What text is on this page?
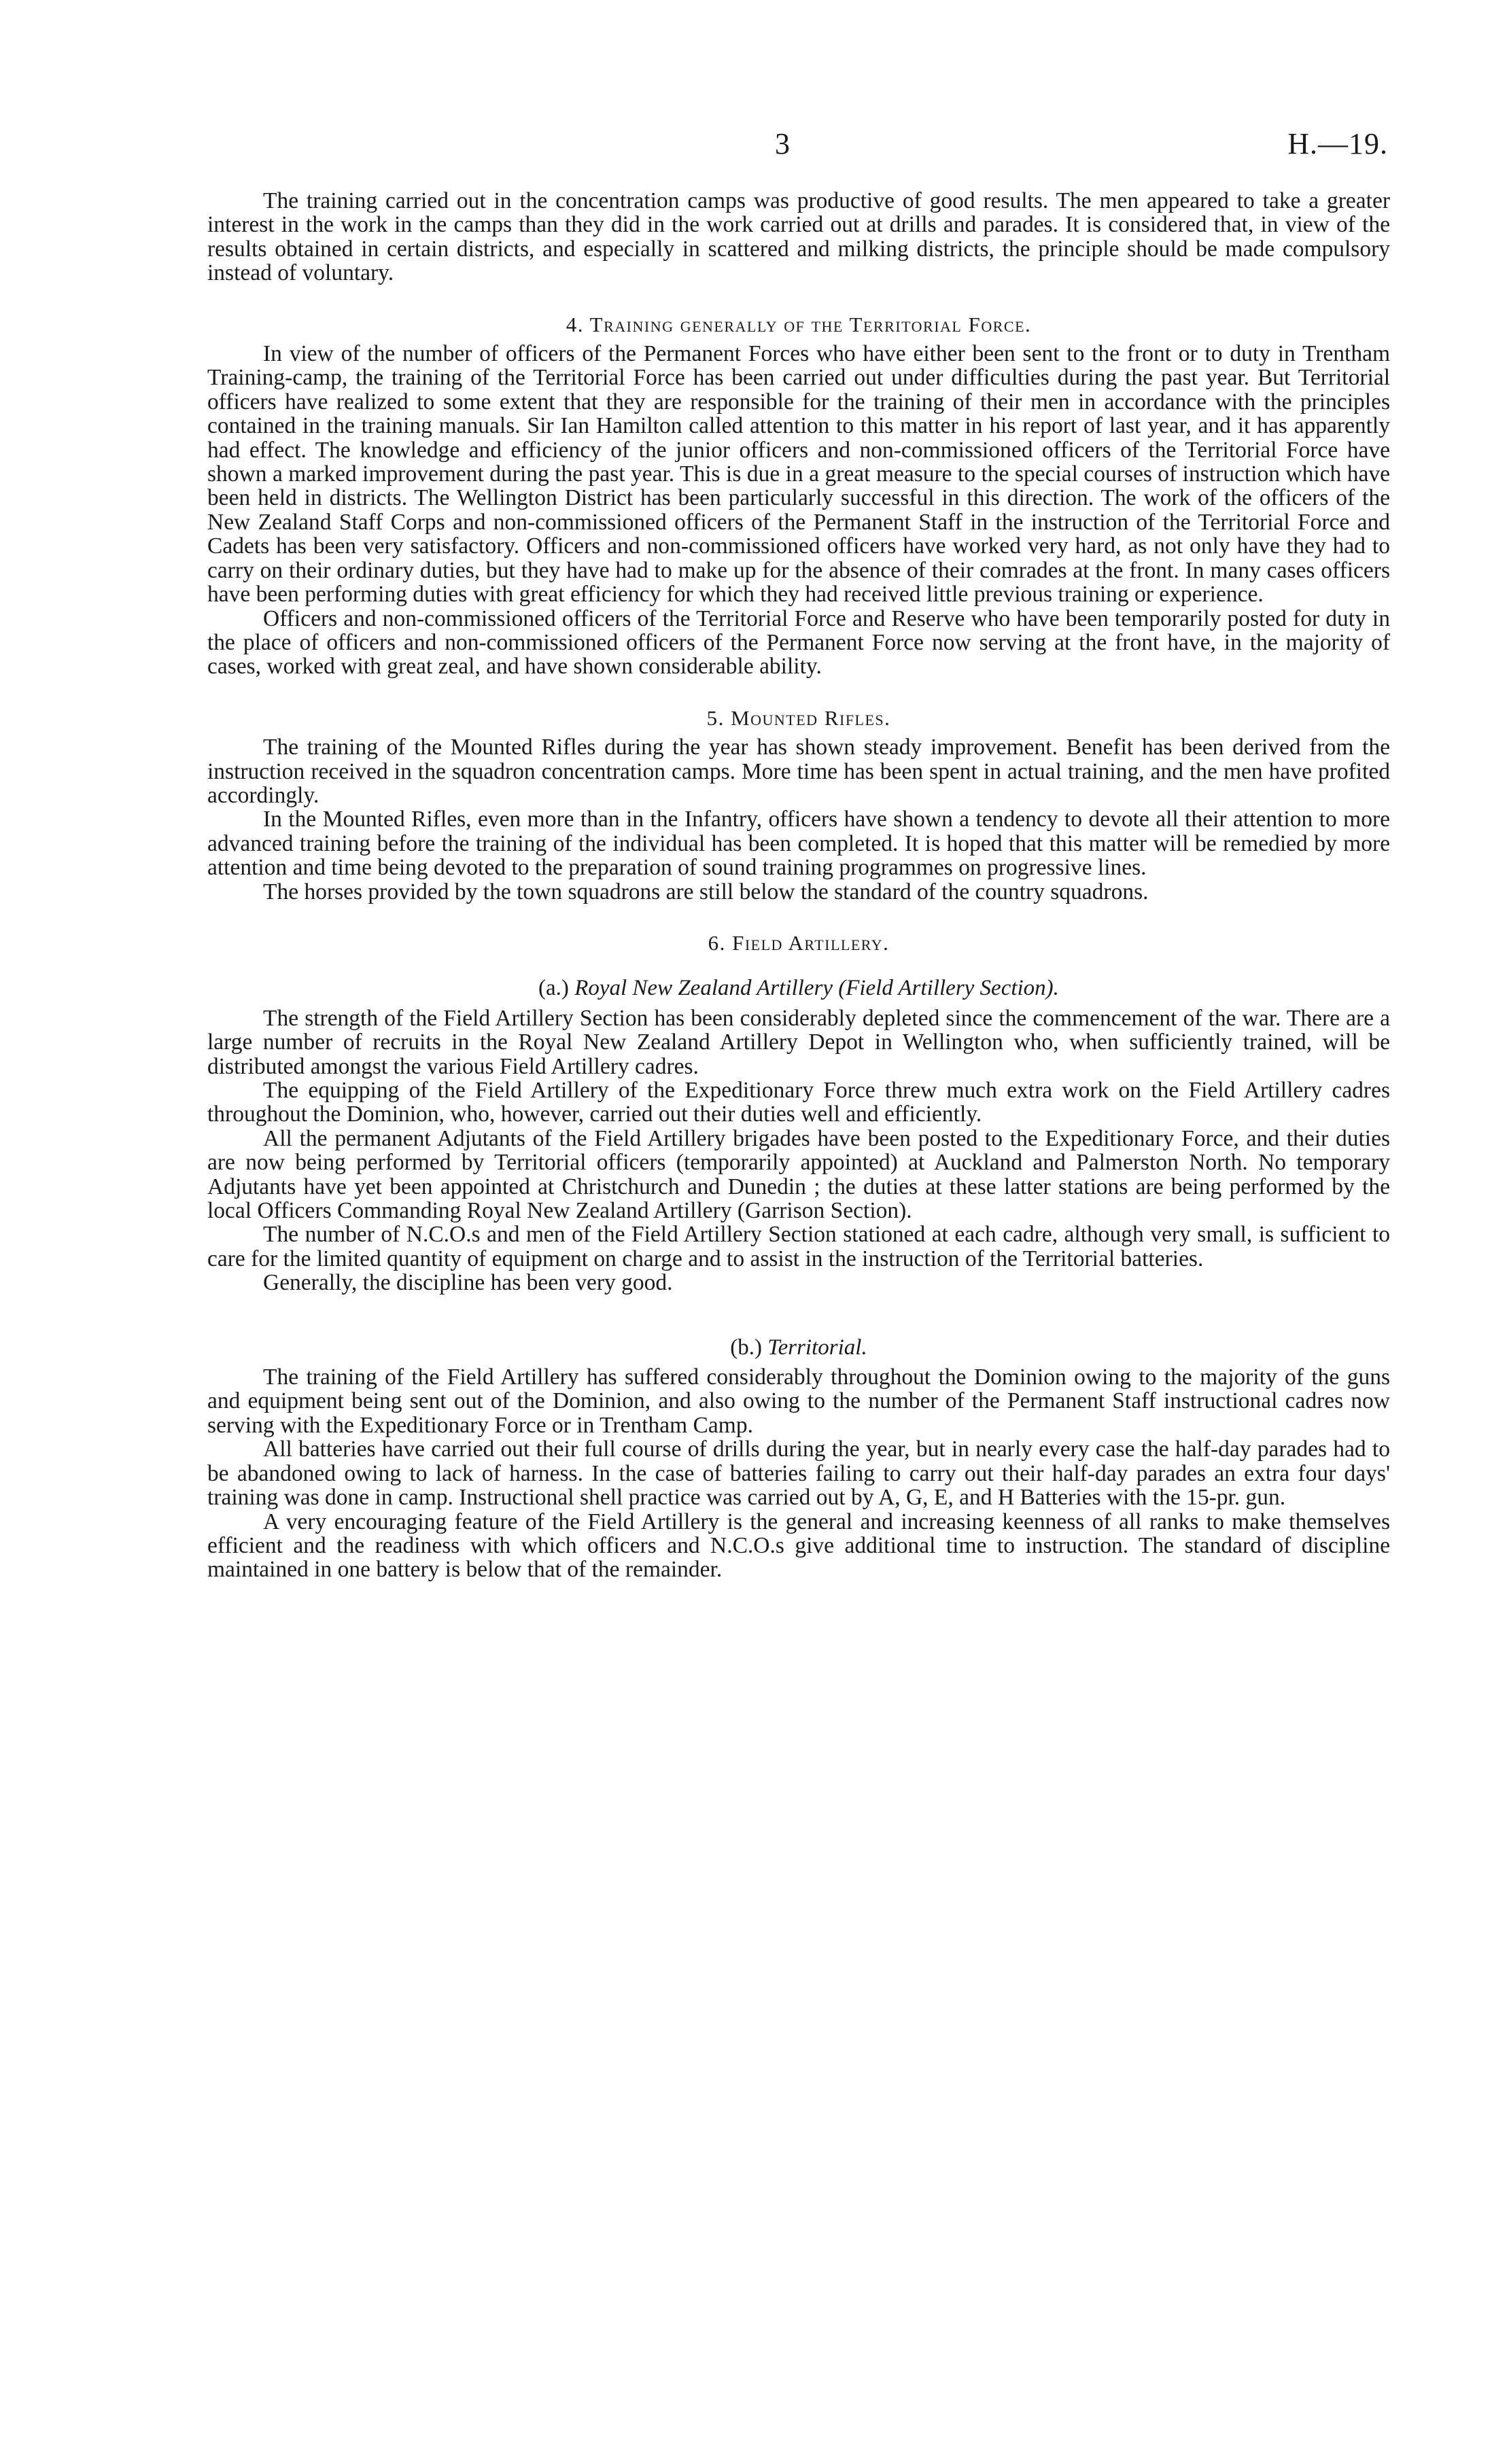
3	H.—19.

The training carried out in the concentration camps was productive of good results. The men appeared to take a greater interest in the work in the camps than they did in the work carried out at drills and parades. It is considered that, in view of the results obtained in certain districts, and especially in scattered and milking districts, the principle should be made compulsory instead of voluntary.

4. Training generally of the Territorial Force.

In view of the number of officers of the Permanent Forces who have either been sent to the front or to duty in Trentham Training-camp, the training of the Territorial Force has been carried out under difficulties during the past year. But Territorial officers have realized to some extent that they are responsible for the training of their men in accordance with the principles contained in the training manuals. Sir Ian Hamilton called attention to this matter in his report of last year, and it has apparently had effect. The knowledge and efficiency of the junior officers and non-commissioned officers of the Territorial Force have shown a marked improvement during the past year. This is due in a great measure to the special courses of instruction which have been held in districts. The Wellington District has been particularly successful in this direction. The work of the officers of the New Zealand Staff Corps and non-commissioned officers of the Permanent Staff in the instruction of the Territorial Force and Cadets has been very satisfactory. Officers and non-commissioned officers have worked very hard, as not only have they had to carry on their ordinary duties, but they have had to make up for the absence of their comrades at the front. In many cases officers have been performing duties with great efficiency for which they had received little previous training or experience.

Officers and non-commissioned officers of the Territorial Force and Reserve who have been temporarily posted for duty in the place of officers and non-commissioned officers of the Permanent Force now serving at the front have, in the majority of cases, worked with great zeal, and have shown considerable ability.

5. Mounted Rifles.

The training of the Mounted Rifles during the year has shown steady improvement. Benefit has been derived from the instruction received in the squadron concentration camps. More time has been spent in actual training, and the men have profited accordingly.

In the Mounted Rifles, even more than in the Infantry, officers have shown a tendency to devote all their attention to more advanced training before the training of the individual has been completed. It is hoped that this matter will be remedied by more attention and time being devoted to the preparation of sound training programmes on progressive lines.

The horses provided by the town squadrons are still below the standard of the country squadrons.

6. Field Artillery.
(a.) Royal New Zealand Artillery (Field Artillery Section).

The strength of the Field Artillery Section has been considerably depleted since the commencement of the war. There are a large number of recruits in the Royal New Zealand Artillery Depot in Wellington who, when sufficiently trained, will be distributed amongst the various Field Artillery cadres.

The equipping of the Field Artillery of the Expeditionary Force threw much extra work on the Field Artillery cadres throughout the Dominion, who, however, carried out their duties well and efficiently.

All the permanent Adjutants of the Field Artillery brigades have been posted to the Expeditionary Force, and their duties are now being performed by Territorial officers (temporarily appointed) at Auckland and Palmerston North. No temporary Adjutants have yet been appointed at Christchurch and Dunedin ; the duties at these latter stations are being performed by the local Officers Commanding Royal New Zealand Artillery (Garrison Section).

The number of N.C.O.s and men of the Field Artillery Section stationed at each cadre, although very small, is sufficient to care for the limited quantity of equipment on charge and to assist in the instruction of the Territorial batteries.

Generally, the discipline has been very good.

(b.) Territorial.

The training of the Field Artillery has suffered considerably throughout the Dominion owing to the majority of the guns and equipment being sent out of the Dominion, and also owing to the number of the Permanent Staff instructional cadres now serving with the Expeditionary Force or in Trentham Camp.

All batteries have carried out their full course of drills during the year, but in nearly every case the half-day parades had to be abandoned owing to lack of harness. In the case of batteries failing to carry out their half-day parades an extra four days' training was done in camp. Instructional shell practice was carried out by A, G, E, and H Batteries with the 15-pr. gun.

A very encouraging feature of the Field Artillery is the general and increasing keenness of all ranks to make themselves efficient and the readiness with which officers and N.C.O.s give additional time to instruction. The standard of discipline maintained in one battery is below that of the remainder.
